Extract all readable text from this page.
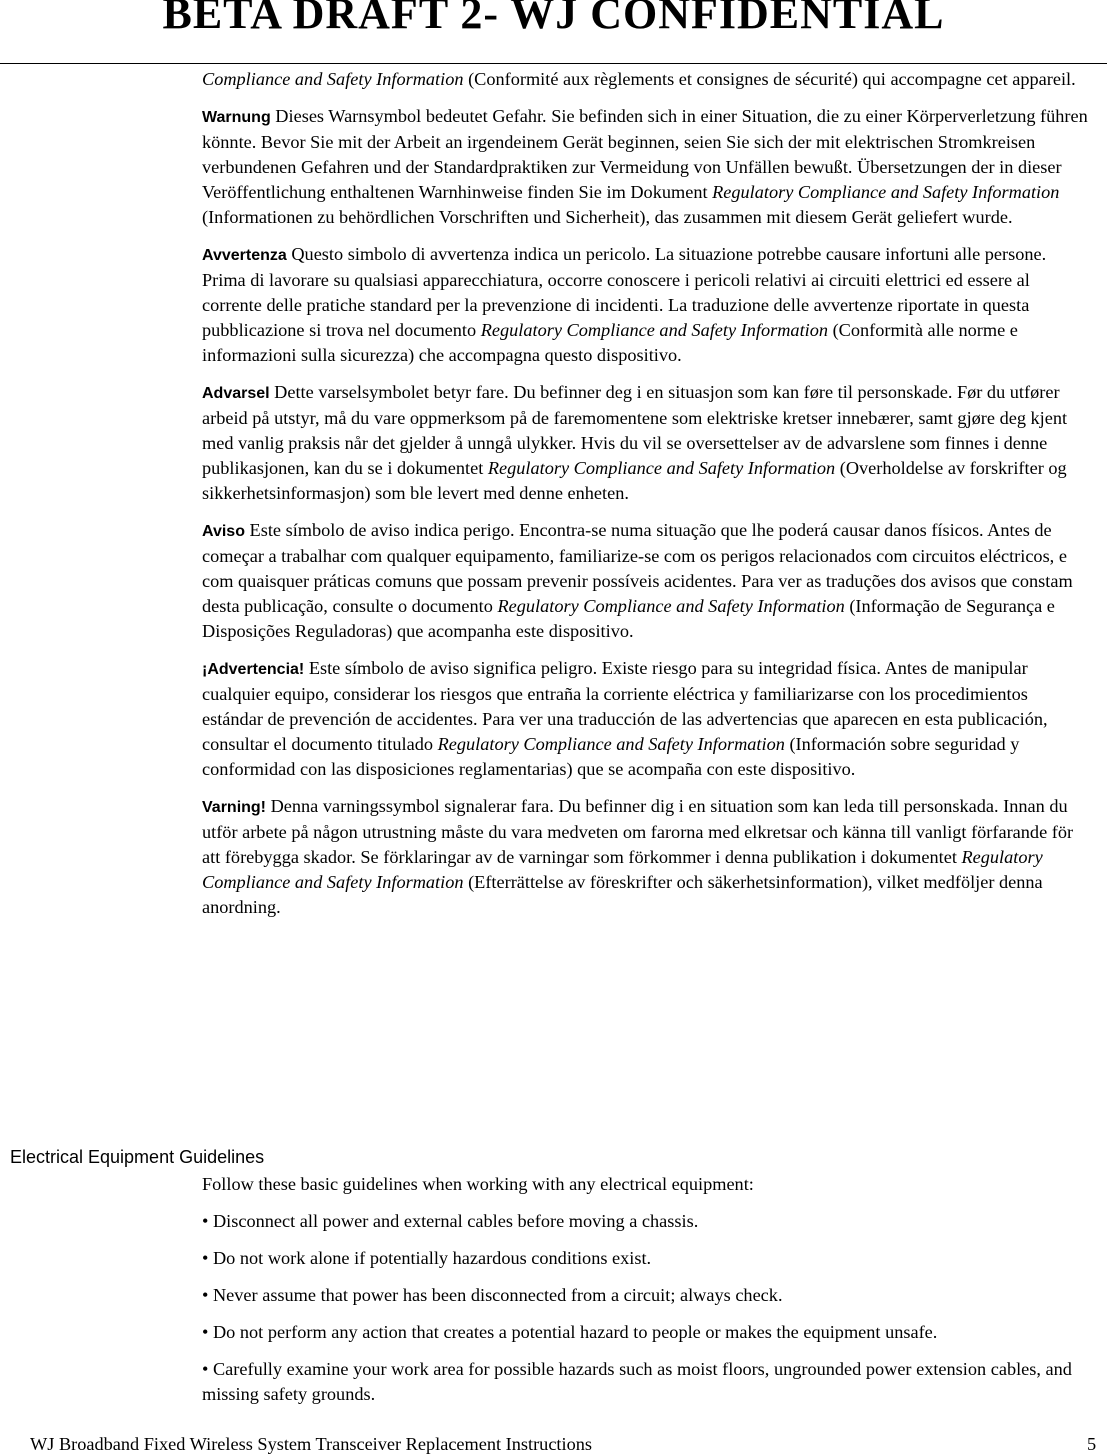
BETA DRAFT 2- WJ CONFIDENTIAL

Compliance and Safety Information (Conformité aux règlements et consignes de sécurité) qui accompagne cet appareil.

Warnung Dieses Warnsymbol bedeutet Gefahr. Sie befinden sich in einer Situation, die zu einer Körperverletzung führen könnte. Bevor Sie mit der Arbeit an irgendeinem Gerät beginnen, seien Sie sich der mit elektrischen Stromkreisen verbundenen Gefahren und der Standardpraktiken zur Vermeidung von Unfällen bewußt. Übersetzungen der in dieser Veröffentlichung enthaltenen Warnhinweise finden Sie im Dokument Regulatory Compliance and Safety Information (Informationen zu behördlichen Vorschriften und Sicherheit), das zusammen mit diesem Gerät geliefert wurde.

Avvertenza Questo simbolo di avvertenza indica un pericolo. La situazione potrebbe causare infortuni alle persone. Prima di lavorare su qualsiasi apparecchiatura, occorre conoscere i pericoli relativi ai circuiti elettrici ed essere al corrente delle pratiche standard per la prevenzione di incidenti. La traduzione delle avvertenze riportate in questa pubblicazione si trova nel documento Regulatory Compliance and Safety Information (Conformità alle norme e informazioni sulla sicurezza) che accompagna questo dispositivo.

Advarsel Dette varselsymbolet betyr fare. Du befinner deg i en situasjon som kan føre til personskade. Før du utfører arbeid på utstyr, må du vare oppmerksom på de faremomentene som elektriske kretser innebærer, samt gjøre deg kjent med vanlig praksis når det gjelder å unngå ulykker. Hvis du vil se oversettelser av de advarslene som finnes i denne publikasjonen, kan du se i dokumentet Regulatory Compliance and Safety Information (Overholdelse av forskrifter og sikkerhetsinformasjon) som ble levert med denne enheten.

Aviso Este símbolo de aviso indica perigo. Encontra-se numa situação que lhe poderá causar danos físicos. Antes de começar a trabalhar com qualquer equipamento, familiarize-se com os perigos relacionados com circuitos eléctricos, e com quaisquer práticas comuns que possam prevenir possíveis acidentes. Para ver as traduções dos avisos que constam desta publicação, consulte o documento Regulatory Compliance and Safety Information (Informação de Segurança e Disposições Reguladoras) que acompanha este dispositivo.

¡Advertencia! Este símbolo de aviso significa peligro. Existe riesgo para su integridad física. Antes de manipular cualquier equipo, considerar los riesgos que entraña la corriente eléctrica y familiarizarse con los procedimientos estándar de prevención de accidentes. Para ver una traducción de las advertencias que aparecen en esta publicación, consultar el documento titulado Regulatory Compliance and Safety Information (Información sobre seguridad y conformidad con las disposiciones reglamentarias) que se acompaña con este dispositivo.

Varning! Denna varningssymbol signalerar fara. Du befinner dig i en situation som kan leda till personskada. Innan du utför arbete på någon utrustning måste du vara medveten om farorna med elkretsar och känna till vanligt förfarande för att förebygga skador. Se förklaringar av de varningar som förkommer i denna publikation i dokumentet Regulatory Compliance and Safety Information (Efterrättelse av föreskrifter och säkerhetsinformation), vilket medföljer denna anordning.

Electrical Equipment Guidelines

Follow these basic guidelines when working with any electrical equipment:

• Disconnect all power and external cables before moving a chassis.

• Do not work alone if potentially hazardous conditions exist.

• Never assume that power has been disconnected from a circuit; always check.

• Do not perform any action that creates a potential hazard to people or makes the equipment unsafe.

• Carefully examine your work area for possible hazards such as moist floors, ungrounded power extension cables, and missing safety grounds.

WJ Broadband Fixed Wireless System Transceiver Replacement Instructions	5
